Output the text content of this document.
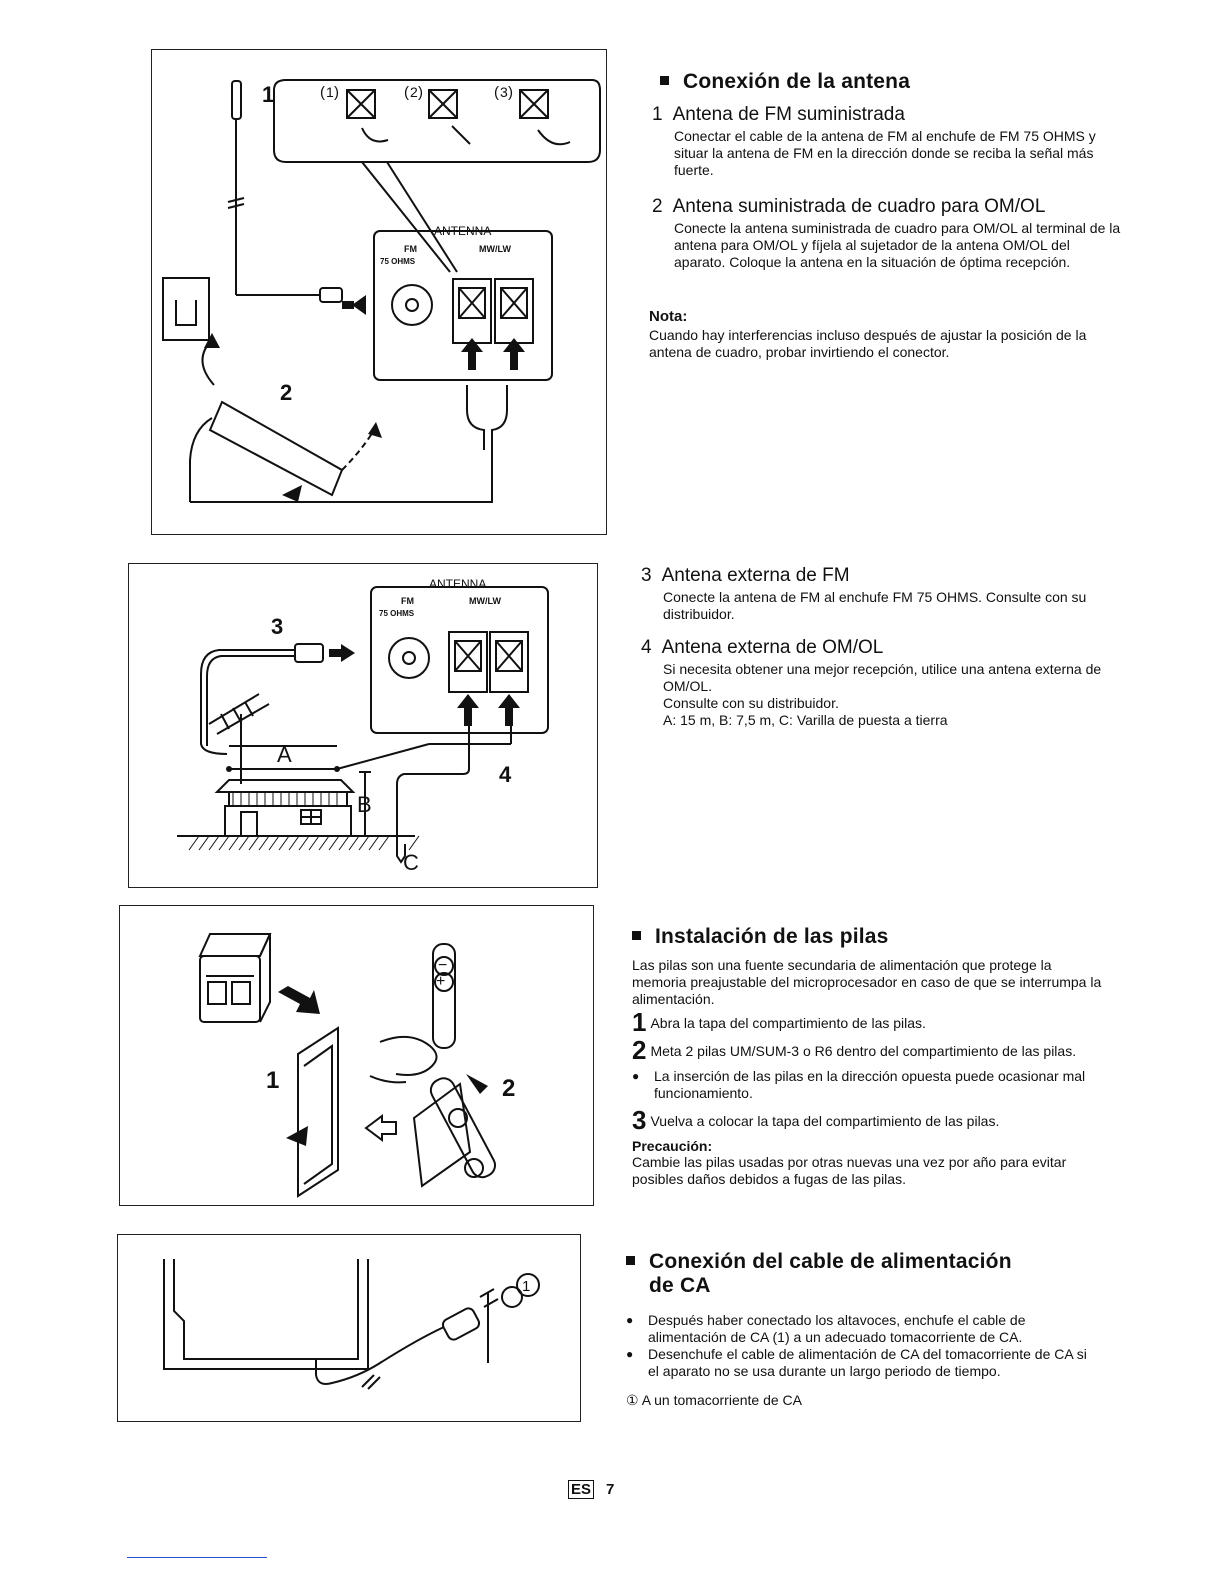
1
2
( 1 )	( 2 )	( 3 )
ANTENNA
FM	MW/LW
75 OHMS
3
4
A
B
C
ANTENNA
FM	MW/LW
75 OHMS
1	2
+
−
1
Conexión de la antena
1 Antena de FM suministrada

Conectar el cable de la antena de FM al enchufe de FM 75 OHMS y situar la antena de FM en la dirección donde se reciba la señal más fuerte.

2 Antena suministrada de cuadro para OM/OL

Conecte la antena suministrada de cuadro para OM/OL al terminal de la antena para OM/OL y fíjela al sujetador de la antena OM/OL del aparato. Coloque la antena en la situación de óptima recepción.

Nota:

Cuando hay interferencias incluso después de ajustar la posición de la antena de cuadro, probar invirtiendo el conector.

3 Antena externa de FM

Conecte la antena de FM al enchufe FM 75 OHMS. Consulte con su distribuidor.

4 Antena externa de OM/OL

Si necesita obtener una mejor recepción, utilice una antena externa de OM/OL.

Consulte con su distribuidor.

A: 15 m, B: 7,5 m, C: Varilla de puesta a tierra

Instalación de las pilas

Las pilas son una fuente secundaria de alimentación que protege la memoria preajustable del microprocesador en caso de que se interrumpa la alimentación.

1 Abra la tapa del compartimiento de las pilas.

2 Meta 2 pilas UM/SUM-3 o R6 dentro del compartimiento de las pilas.

●	La inserción de las pilas en la dirección opuesta puede ocasionar mal funcionamiento.

3 Vuelva a colocar la tapa del compartimiento de las pilas.

Precaución:

Cambie las pilas usadas por otras nuevas una vez por año para evitar posibles daños debidos a fugas de las pilas.

Conexión del cable de alimentación
de CA
●	Después haber conectado los altavoces, enchufe el cable de alimentación de CA (1) a un adecuado tomacorriente de CA.
●	Desenchufe el cable de alimentación de CA del tomacorriente de CA si el aparato no se usa durante un largo periodo de tiempo.

① A un tomacorriente de CA

ES 7
